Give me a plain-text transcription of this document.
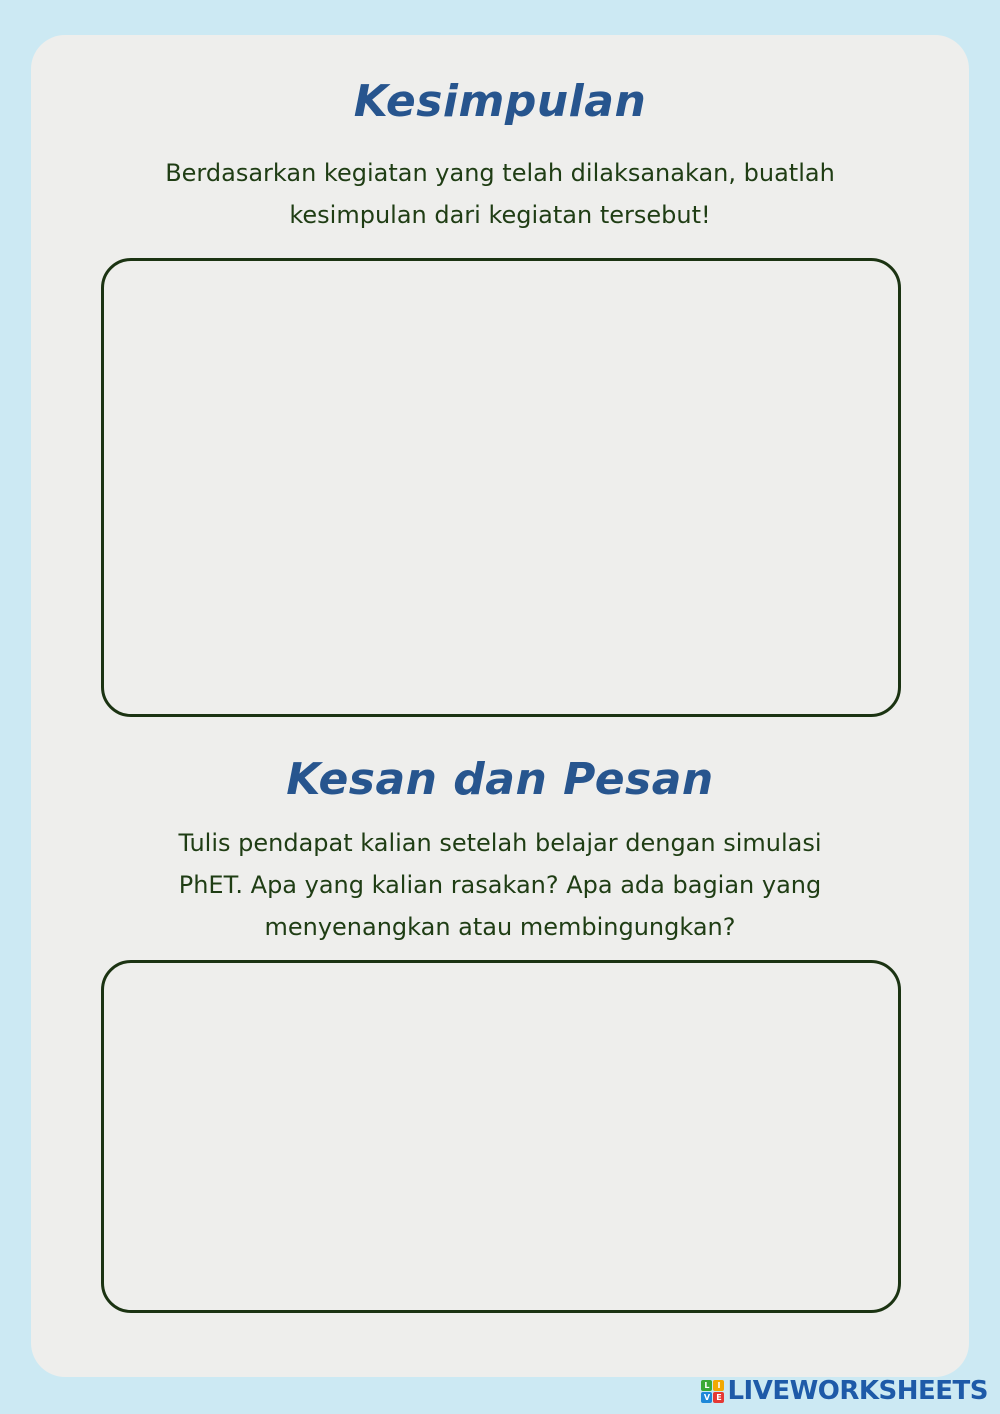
Kesimpulan

Berdasarkan kegiatan yang telah dilaksanakan, buatlah
kesimpulan dari kegiatan tersebut!

Kesan dan Pesan

Tulis pendapat kalian setelah belajar dengan simulasi
PhET. Apa yang kalian rasakan? Apa ada bagian yang
menyenangkan atau membingungkan?

L I
V E LIVEWORKSHEETS
